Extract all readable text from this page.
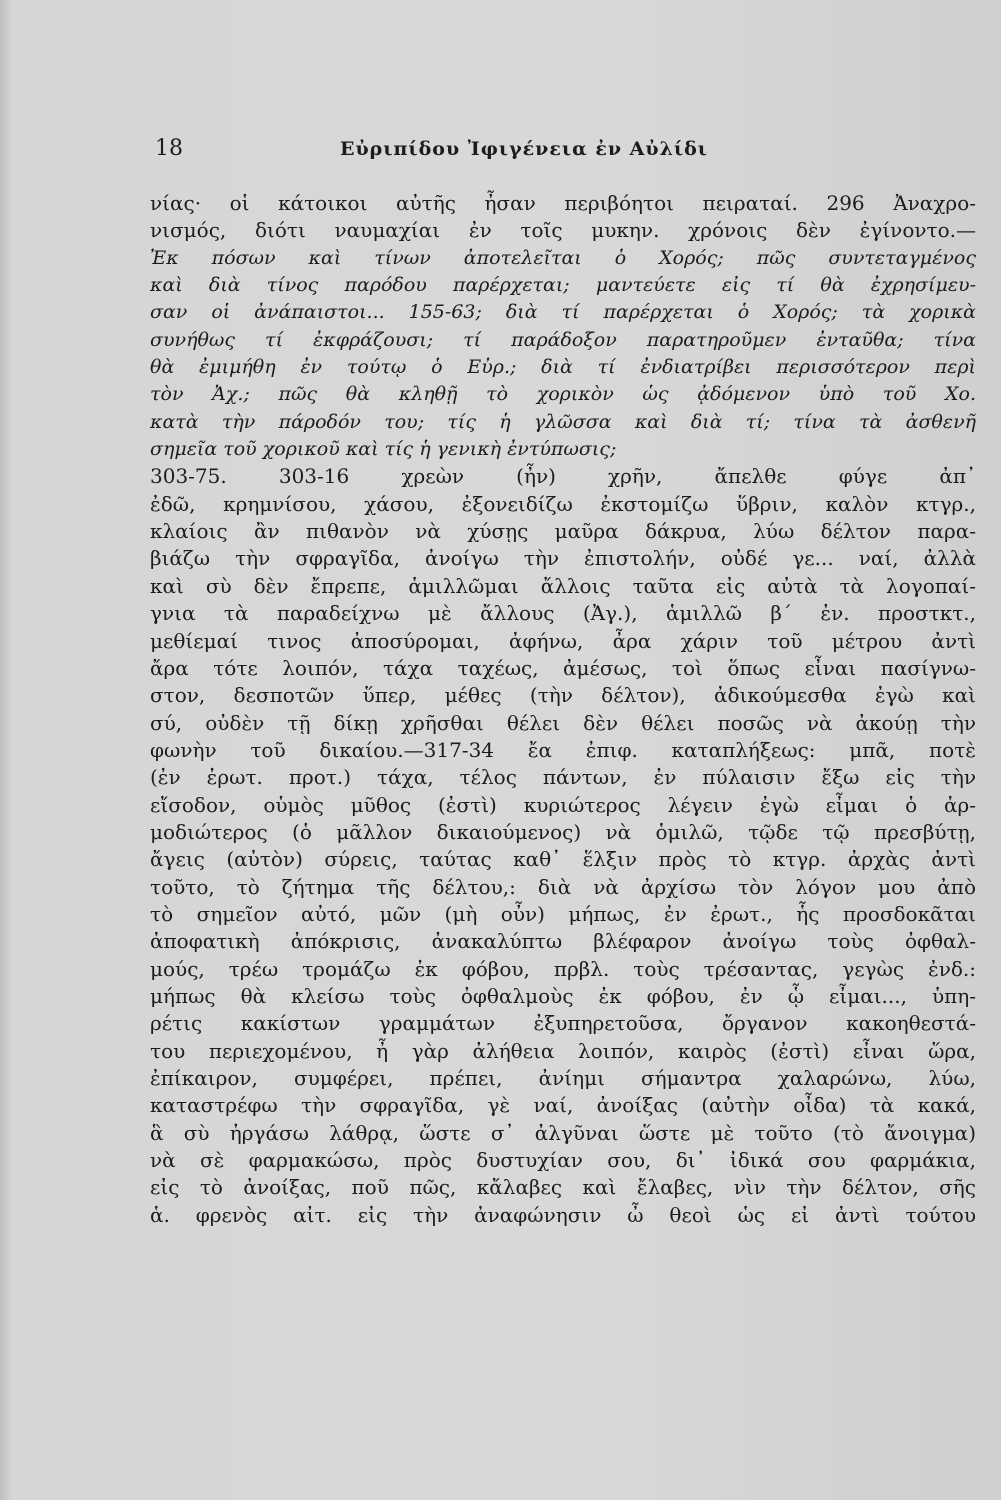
18	Εὐριπίδου Ἰφιγένεια ἐν Αὐλίδι
νίας· οἱ κάτοικοι αὐτῆς ἦσαν περιβόητοι πειραταί. 296 Ἀναχρο-
νισμός, διότι ναυμαχίαι ἐν τοῖς μυκην. χρόνοις δὲν ἐγίνοντο.—
Ἐκ πόσων καὶ τίνων ἀποτελεῖται ὁ Χορός; πῶς συντεταγμένος
καὶ διὰ τίνος παρόδου παρέρχεται; μαντεύετε εἰς τί θὰ ἐχρησίμευ-
σαν οἱ ἀνάπαιστοι... 155-63; διὰ τί παρέρχεται ὁ Χορός; τὰ χορικὰ
συνήθως τί ἐκφράζουσι; τί παράδοξον παρατηροῦμεν ἐνταῦθα; τίνα
θὰ ἐμιμήθη ἐν τούτῳ ὁ Εὐρ.; διὰ τί ἐνδιατρίβει περισσότερον περὶ
τὸν Ἀχ.; πῶς θὰ κληθῇ τὸ χορικὸν ὡς ᾀδόμενον ὑπὸ τοῦ Χο.
κατὰ τὴν πάροδόν του; τίς ἡ γλῶσσα καὶ διὰ τί; τίνα τὰ ἀσθενῆ
σημεῖα τοῦ χορικοῦ καὶ τίς ἡ γενικὴ ἐντύπωσις;
303-75. 303-16 χρεὼν (ἦν) χρῆν, ἄπελθε φύγε ἀπ᾿
ἐδῶ, κρημνίσου, χάσου, ἐξονειδίζω ἐκστομίζω ὕβριν, καλὸν κτγρ.,
κλαίοις ἂν πιθανὸν νὰ χύσῃς μαῦρα δάκρυα, λύω δέλτον παρα-
βιάζω τὴν σφραγῖδα, ἀνοίγω τὴν ἐπιστολήν, οὐδέ γε... ναί, ἀλλὰ
καὶ σὺ δὲν ἔπρεπε, ἁμιλλῶμαι ἄλλοις ταῦτα εἰς αὐτὰ τὰ λογοπαί-
γνια τὰ παραδείχνω μὲ ἄλλους (Ἀγ.), ἁμιλλῶ β΄ ἐν. προστκτ.,
μεθίεμαί τινος ἀποσύρομαι, ἀφήνω, ἆρα χάριν τοῦ μέτρου ἀντὶ
ἄρα τότε λοιπόν, τάχα ταχέως, ἀμέσως, τοὶ ὅπως εἶναι πασίγνω-
στον, δεσποτῶν ὕπερ, μέθες (τὴν δέλτον), ἀδικούμεσθα ἐγὼ καὶ
σύ, οὐδὲν τῇ δίκῃ χρῆσθαι θέλει δὲν θέλει ποσῶς νὰ ἀκούῃ τὴν
φωνὴν τοῦ δικαίου.—317-34 ἔα ἐπιφ. καταπλήξεως: μπᾶ, ποτὲ
(ἐν ἐρωτ. προτ.) τάχα, τέλος πάντων, ἐν πύλαισιν ἔξω εἰς τὴν
εἴσοδον, οὑμὸς μῦθος (ἐστὶ) κυριώτερος λέγειν ἐγὼ εἶμαι ὁ ἁρ-
μοδιώτερος (ὁ μᾶλλον δικαιούμενος) νὰ ὁμιλῶ, τῷδε τῷ πρεσβύτῃ,
ἄγεις (αὐτὸν) σύρεις, ταύτας καθ᾿ ἕλξιν πρὸς τὸ κτγρ. ἀρχὰς ἀντὶ
τοῦτο, τὸ ζήτημα τῆς δέλτου,: διὰ νὰ ἀρχίσω τὸν λόγον μου ἀπὸ
τὸ σημεῖον αὐτό, μῶν (μὴ οὖν) μήπως, ἐν ἐρωτ., ἧς προσδοκᾶται
ἀποφατικὴ ἀπόκρισις, ἀνακαλύπτω βλέφαρον ἀνοίγω τοὺς ὀφθαλ-
μούς, τρέω τρομάζω ἐκ φόβου, πρβλ. τοὺς τρέσαντας, γεγὼς ἐνδ.:
μήπως θὰ κλείσω τοὺς ὀφθαλμοὺς ἐκ φόβου, ἐν ᾧ εἶμαι..., ὑπη-
ρέτις κακίστων γραμμάτων ἐξυπηρετοῦσα, ὄργανον κακοηθεστά-
του περιεχομένου, ἦ γὰρ ἀλήθεια λοιπόν, καιρὸς (ἐστὶ) εἶναι ὥρα,
ἐπίκαιρον, συμφέρει, πρέπει, ἀνίημι σήμαντρα χαλαρώνω, λύω,
καταστρέφω τὴν σφραγῖδα, γὲ ναί, ἀνοίξας (αὐτὴν οἶδα) τὰ κακά,
ἃ σὺ ἠργάσω λάθρᾳ, ὥστε σ᾿ ἀλγῦναι ὥστε μὲ τοῦτο (τὸ ἄνοιγμα)
νὰ σὲ φαρμακώσω, πρὸς δυστυχίαν σου, δι᾿ ἰδικά σου φαρμάκια,
εἰς τὸ ἀνοίξας, ποῦ πῶς, κἄλαβες καὶ ἔλαβες, νὶν τὴν δέλτον, σῆς
ἁ. φρενὸς αἰτ. εἰς τὴν ἀναφώνησιν ὦ θεοὶ ὡς εἰ ἀντὶ τούτου
